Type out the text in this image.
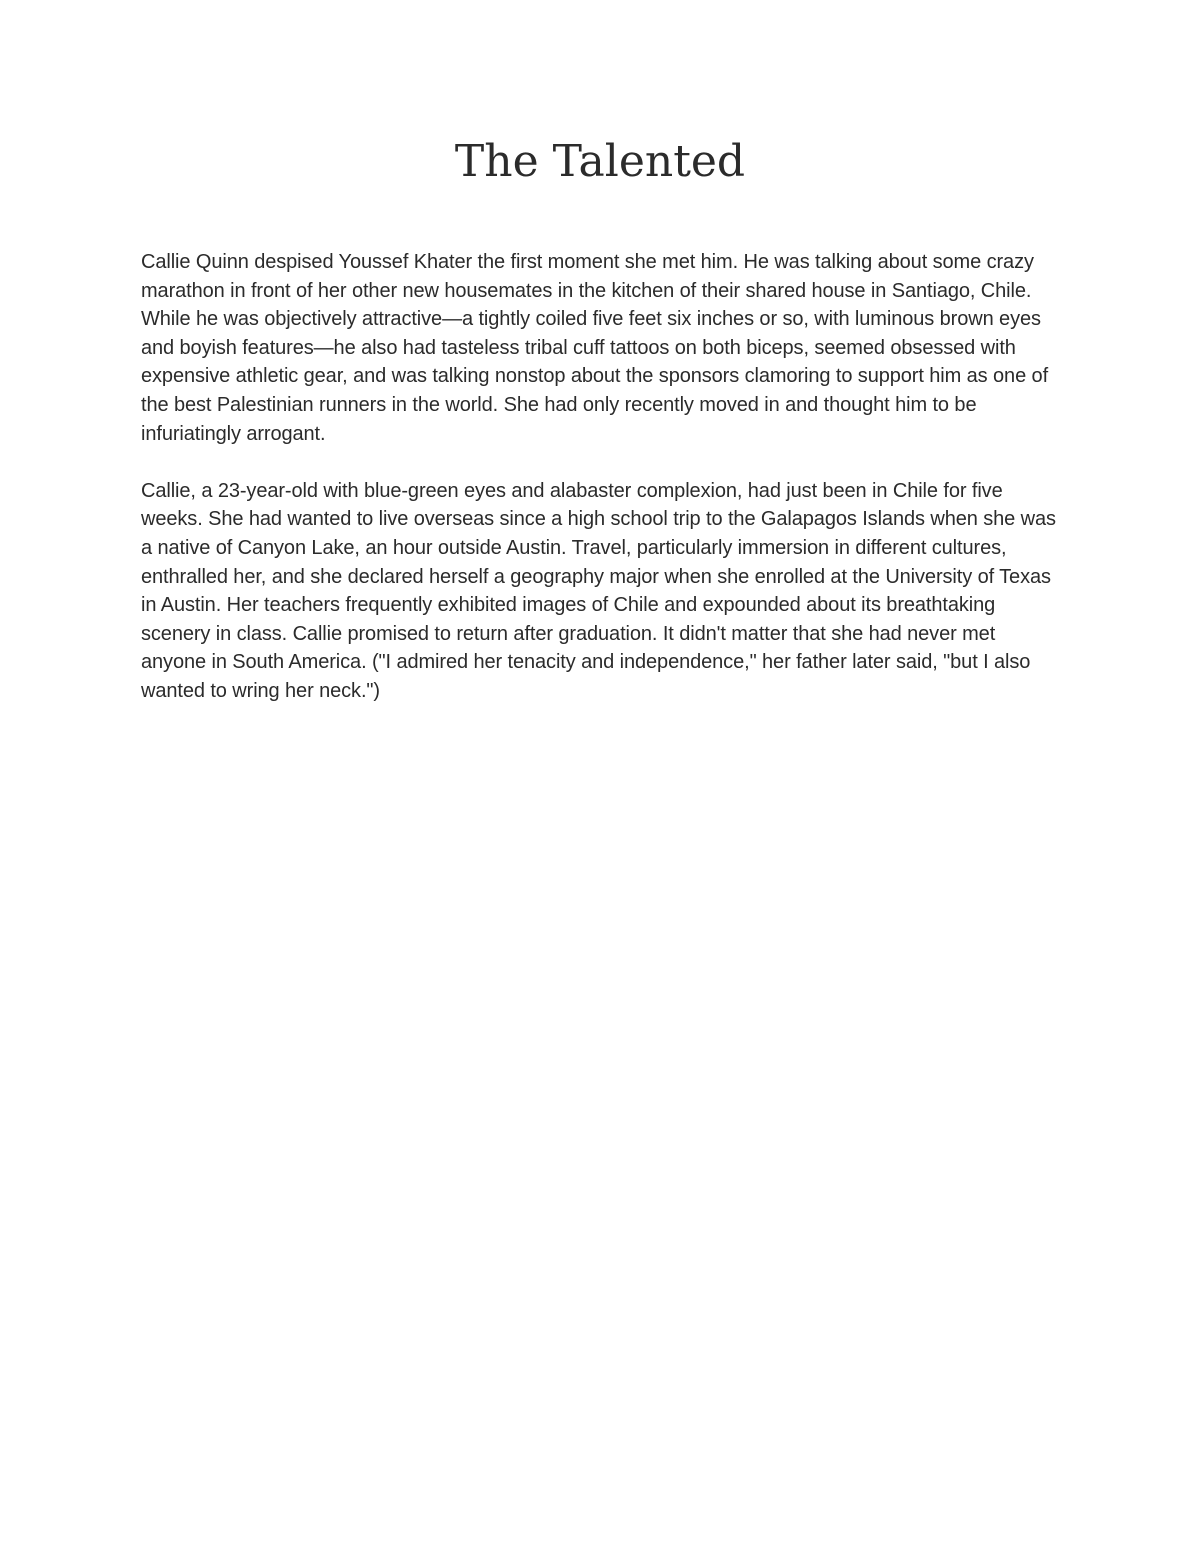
The Talented

Callie Quinn despised Youssef Khater the first moment she met him. He was talking about some crazy marathon in front of her other new housemates in the kitchen of their shared house in Santiago, Chile. While he was objectively attractive—a tightly coiled five feet six inches or so, with luminous brown eyes and boyish features—he also had tasteless tribal cuff tattoos on both biceps, seemed obsessed with expensive athletic gear, and was talking nonstop about the sponsors clamoring to support him as one of the best Palestinian runners in the world. She had only recently moved in and thought him to be infuriatingly arrogant.

Callie, a 23-year-old with blue-green eyes and alabaster complexion, had just been in Chile for five weeks. She had wanted to live overseas since a high school trip to the Galapagos Islands when she was a native of Canyon Lake, an hour outside Austin. Travel, particularly immersion in different cultures, enthralled her, and she declared herself a geography major when she enrolled at the University of Texas in Austin. Her teachers frequently exhibited images of Chile and expounded about its breathtaking scenery in class. Callie promised to return after graduation. It didn't matter that she had never met anyone in South America. ("I admired her tenacity and independence," her father later said, "but I also wanted to wring her neck.")
